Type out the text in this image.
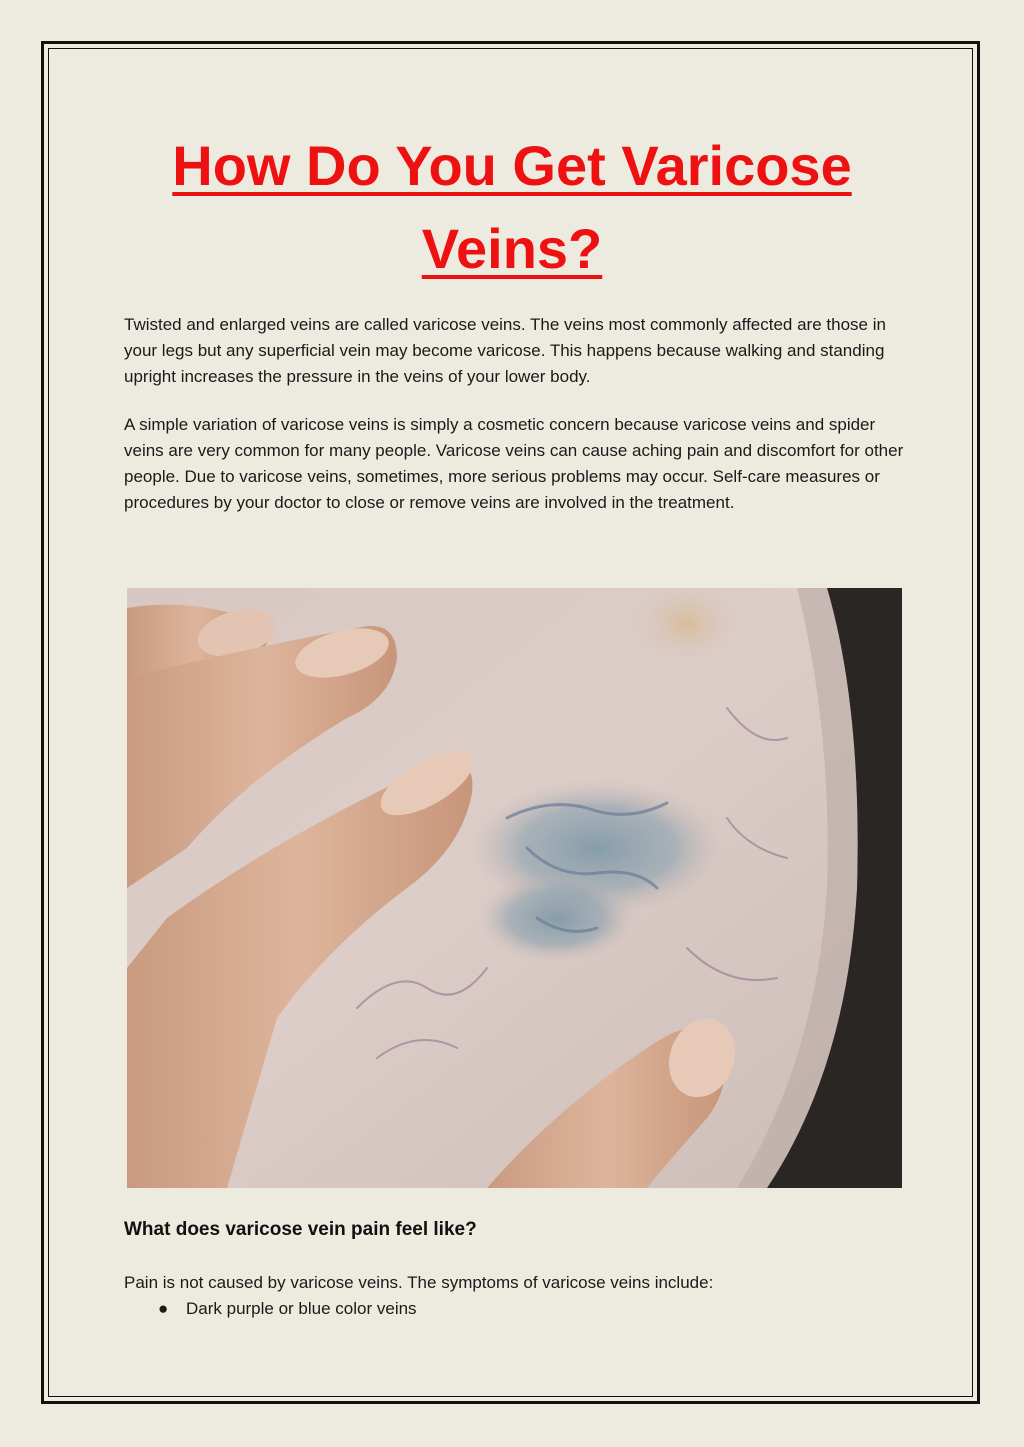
How Do You Get Varicose Veins?

Twisted and enlarged veins are called varicose veins. The veins most commonly affected are those in your legs but any superficial vein may become varicose. This happens because walking and standing upright increases the pressure in the veins of your lower body.

A simple variation of varicose veins is simply a cosmetic concern because varicose veins and spider veins are very common for many people. Varicose veins can cause aching pain and discomfort for other people. Due to varicose veins, sometimes, more serious problems may occur. Self-care measures or procedures by your doctor to close or remove veins are involved in the treatment.

What does varicose vein pain feel like?

Pain is not caused by varicose veins. The symptoms of varicose veins include:

● Dark purple or blue color veins
